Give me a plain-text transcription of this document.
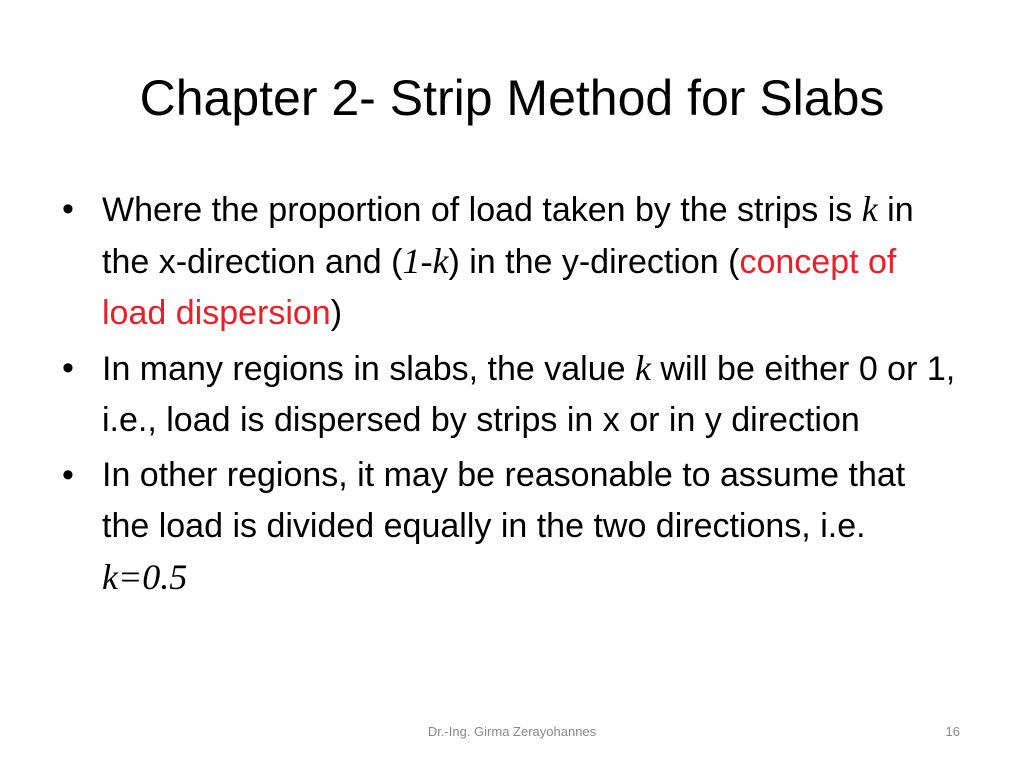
Chapter 2- Strip Method for Slabs
• Where the proportion of load taken by the strips is k in the x-direction and (1-k) in the y-direction (concept of load dispersion)
• In many regions in slabs, the value k will be either 0 or 1, i.e., load is dispersed by strips in x or in y direction
• In other regions, it may be reasonable to assume that the load is divided equally in the two directions, i.e. k=0.5
Dr.-Ing. Girma Zerayohannes	16
